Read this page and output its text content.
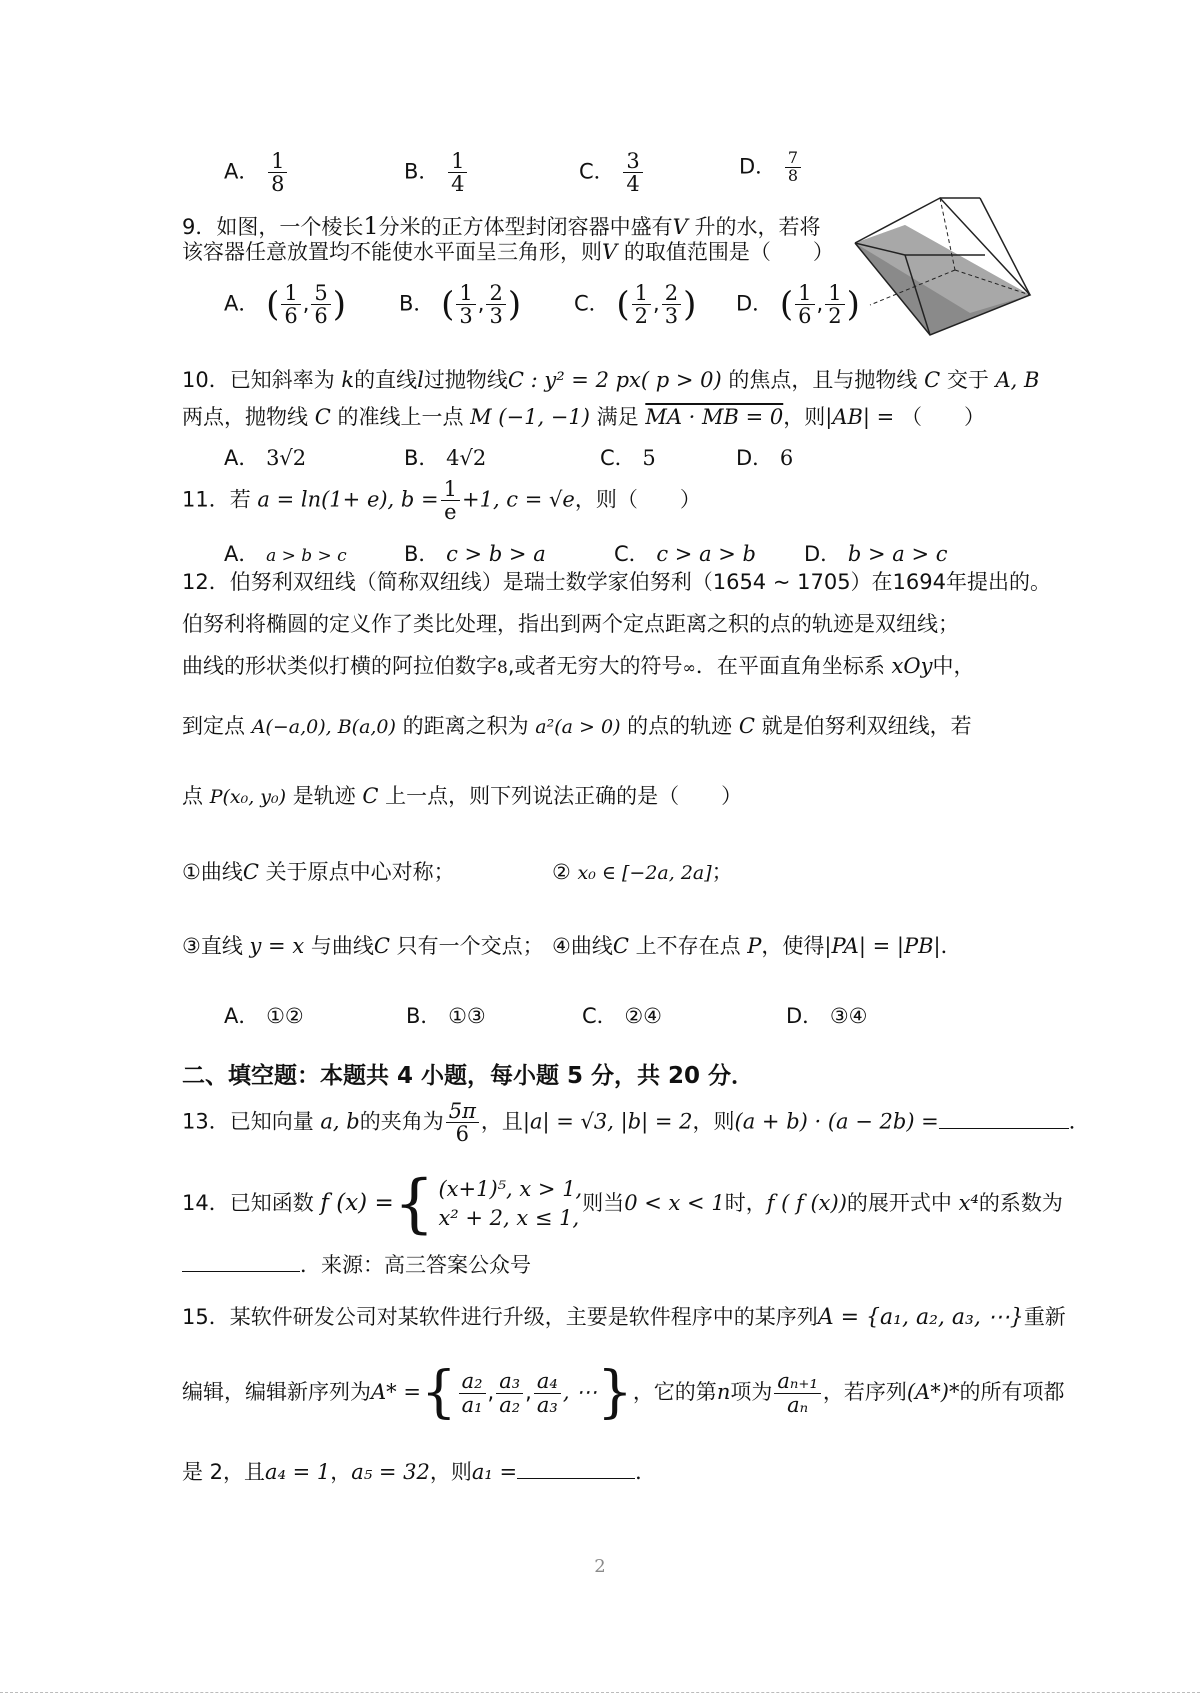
A． $\frac{1}{8}$	B． $\frac{1}{4}$	C． $\frac{3}{4}$	D． $\frac{7}{8}$
9．如图，一个棱长1分米的正方体型封闭容器中盛有V 升的水，若将
该容器任意放置均不能使水平面呈三角形，则V 的取值范围是（　　）
A． ( $\frac{1}{6}$ , $\frac{5}{6}$ )	B． ( $\frac{1}{3}$ , $\frac{2}{3}$ )	C． ( $\frac{1}{2}$ , $\frac{2}{3}$ ) D． ( $\frac{1}{6}$ , $\frac{1}{2}$ )
10．已知斜率为 k的直线l过抛物线C : y² = 2 px( p > 0) 的焦点，且与抛物线 C 交于 A, B
两点，抛物线 C 的准线上一点 M (−1, −1) 满足 MA · MB = 0，则|AB| = （　　）
A． 3√2	B． 4√2	C． 5	D． 6
11．若 a = ln(1+ e), $b = \frac{1}{e} +1$, c = √e，则（　　）
A． a > b > c	B． c > b > a	C． c > a > b D． b > a > c
12．伯努利双纽线（简称双纽线）是瑞士数学家伯努利（1654 ~ 1705）在1694年提出的。
伯努利将椭圆的定义作了类比处理，指出到两个定点距离之积的点的轨迹是双纽线；
曲线的形状类似打横的阿拉伯数字8,或者无穷大的符号∞．在平面直角坐标系 xOy中，
到定点 A(−a,0), B(a,0) 的距离之积为 a²(a > 0) 的点的轨迹 C 就是伯努利双纽线，若
点 P(x₀, y₀) 是轨迹 C 上一点，则下列说法正确的是（　　）
①曲线C 关于原点中心对称；	② x₀ ∈ [−2a, 2a]；
③直线 y = x 与曲线C 只有一个交点； ④曲线C 上不存在点 P，使得|PA| = |PB|．
A． ①②	B． ①③	C． ②④	D． ③④
二、填空题：本题共 4 小题，每小题 5 分，共 20 分．
13．已知向量 a, b的夹角为 $\frac{5\pi}{6}$ ，且|a| = √3, |b| = 2，则(a + b) · (a − 2b) =	．
14．已知函数 f (x) ={ (x+1)⁵, x > 1,
x² + 2, x ≤ 1,
则当0 < x < 1时，f ( f (x))的展开式中 x⁴的系数为
．来源：高三答案公众号
15．某软件研发公司对某软件进行升级，主要是软件程序中的某序列A = {a₁, a₂, a₃, ⋯}重新
编辑，编辑新序列为A* ={ $\frac{\text{a₂}}{\text{a₁}}$ , $\frac{\text{a₃}}{\text{a₂}}$ , $\frac{\text{a₄}}{\text{a₃}}$ , ⋯}，它的第n项为 $\frac{\text{aₙ₊₁}}{\text{aₙ}}$ ，若序列(A*)*的所有项都
是 2，且a₄ = 1，a₅ = 32，则a₁ =	．
2
